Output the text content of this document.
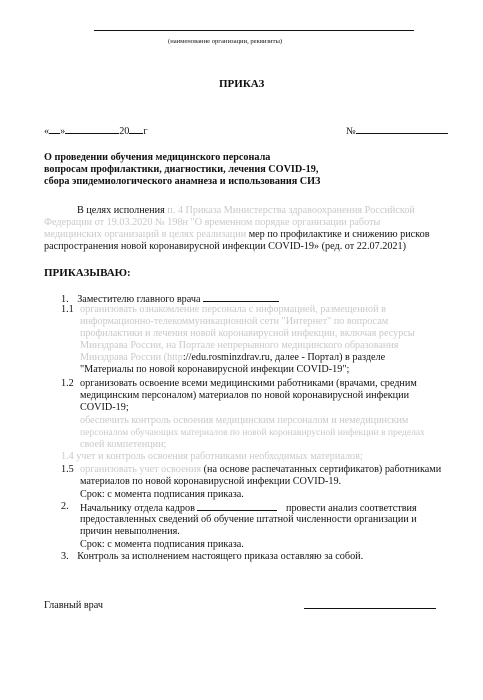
(наименование организации, реквизиты)
ПРИКАЗ
« »	20 г	№
О проведении обучения медицинского персонала
вопросам профилактики, диагностики, лечения COVID-19,
сбора эпидемиологического анамнеза и использования СИЗ
В целях исполнения п. 4 Приказа Министерства здравоохранения Российской
Федерации от 19.03.2020 № 198н "О временном порядке организации работы
медицинских организаций в целях реализации мер по профилактике и снижению рисков
распространения новой коронавирусной инфекции COVID-19» (ред. от 22.07.2021)
ПРИКАЗЫВАЮ:
1. Заместителю главного врача
1.1 организовать ознакомление персонала с информацией, размещенной в
информационно-телекоммуникационной сети "Интернет" по вопросам
профилактики и лечения новой коронавирусной инфекции, включая ресурсы
Минздрава России, на Портале непрерывного медицинского образования
Минздрава России (http://edu.rosminzdrav.ru, далее - Портал) в разделе
"Материалы по новой коронавирусной инфекции COVID-19";
1.2 организовать освоение всеми медицинскими работниками (врачами, средним
медицинским персоналом) материалов по новой коронавирусной инфекции
COVID-19;
обеспечить контроль освоения медицинским персоналом и немедицинским
персоналом обучающих материалов по новой коронавирусной инфекции в пределах
своей компетенции;
1.4 учет и контроль освоения работниками необходимых материалов;
1.5 организовать учет освоения (на основе распечатанных сертификатов) работниками
материалов по новой коронавирусной инфекции COVID-19.
Срок: с момента подписания приказа.
2. Начальнику отдела кадров	провести анализ соответствия
предоставленных сведений об обучение штатной численности организации и
причин невыполнения.
Срок: с момента подписания приказа.
3. Контроль за исполнением настоящего приказа оставляю за собой.
Главный врач
